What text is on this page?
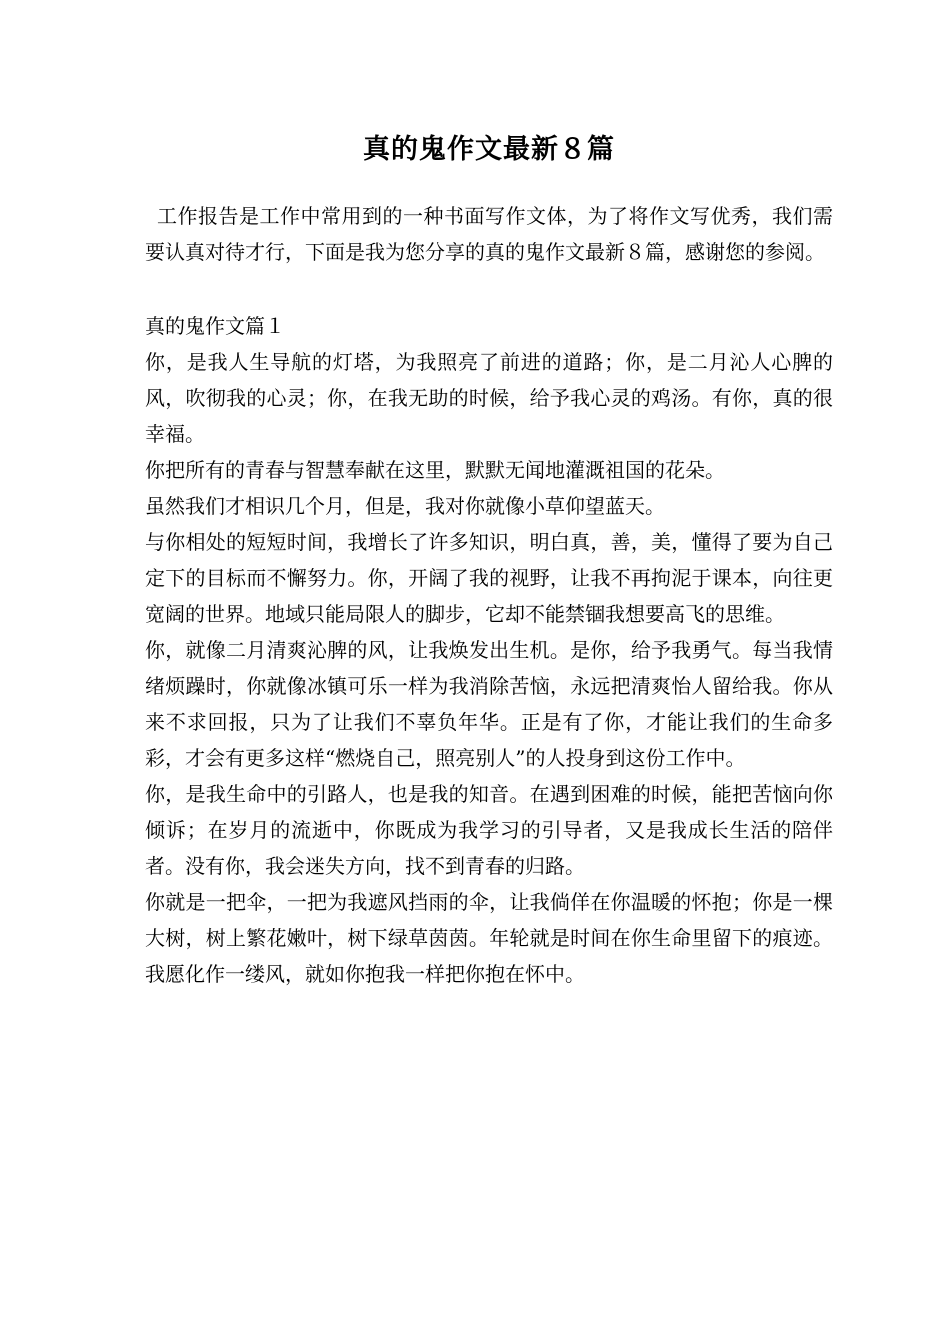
真的鬼作文最新８篇

工作报告是工作中常用到的一种书面写作文体，为了将作文写优秀，我们需要认真对待才行，下面是我为您分享的真的鬼作文最新８篇，感谢您的参阅。

真的鬼作文篇１

你，是我人生导航的灯塔，为我照亮了前进的道路；你，是二月沁人心脾的风，吹彻我的心灵；你，在我无助的时候，给予我心灵的鸡汤。有你，真的很幸福。

你把所有的青春与智慧奉献在这里，默默无闻地灌溉祖国的花朵。

虽然我们才相识几个月，但是，我对你就像小草仰望蓝天。

与你相处的短短时间，我增长了许多知识，明白真，善，美，懂得了要为自己定下的目标而不懈努力。你，开阔了我的视野，让我不再拘泥于课本，向往更宽阔的世界。地域只能局限人的脚步，它却不能禁锢我想要高飞的思维。

你，就像二月清爽沁脾的风，让我焕发出生机。是你，给予我勇气。每当我情绪烦躁时，你就像冰镇可乐一样为我消除苦恼，永远把清爽怡人留给我。你从来不求回报，只为了让我们不辜负年华。正是有了你，才能让我们的生命多彩，才会有更多这样“燃烧自己，照亮别人”的人投身到这份工作中。

你，是我生命中的引路人，也是我的知音。在遇到困难的时候，能把苦恼向你倾诉；在岁月的流逝中，你既成为我学习的引导者，又是我成长生活的陪伴者。没有你，我会迷失方向，找不到青春的归路。

你就是一把伞，一把为我遮风挡雨的伞，让我倘佯在你温暖的怀抱；你是一棵大树，树上繁花嫩叶，树下绿草茵茵。年轮就是时间在你生命里留下的痕迹。我愿化作一缕风，就如你抱我一样把你抱在怀中。
